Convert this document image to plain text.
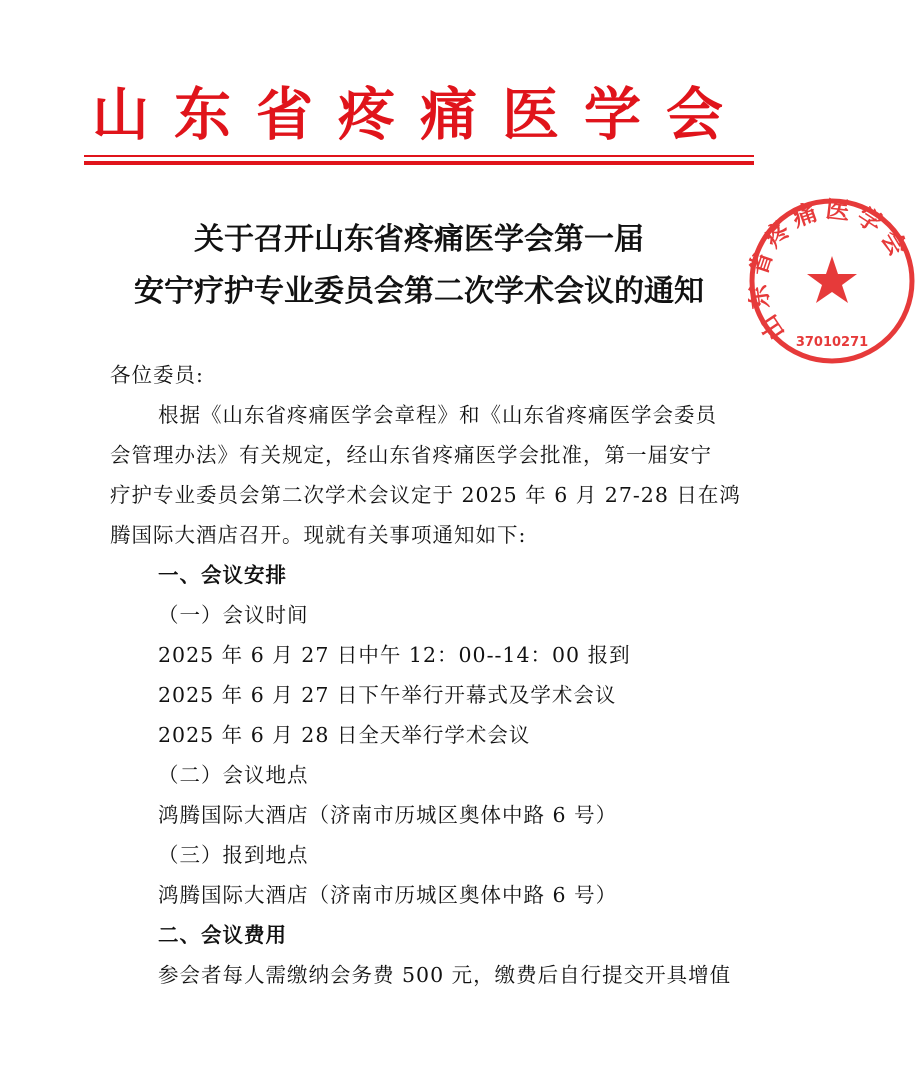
山东省疼痛医学会
关于召开山东省疼痛医学会第一届
安宁疗护专业委员会第二次学术会议的通知
山 疼痛医学会
37010271
各位委员:
根据《山东省疼痛医学会章程》和《山东省疼痛医学会委员
会管理办法》有关规定，经山东省疼痛医学会批准，第一届安宁
疗护专业委员会第二次学术会议定于 2025 年 6 月 27-28 日在鸿
腾国际大酒店召开。现就有关事项通知如下:
一、会议安排
（一）会议时间
2025 年 6 月 27 日中午 12：00--14：00 报到
2025 年 6 月 27 日下午举行开幕式及学术会议
2025 年 6 月 28 日全天举行学术会议
（二）会议地点
鸿腾国际大酒店（济南市历城区奥体中路 6 号）
（三）报到地点
鸿腾国际大酒店（济南市历城区奥体中路 6 号）
二、会议费用
参会者每人需缴纳会务费 500 元，缴费后自行提交开具增值
